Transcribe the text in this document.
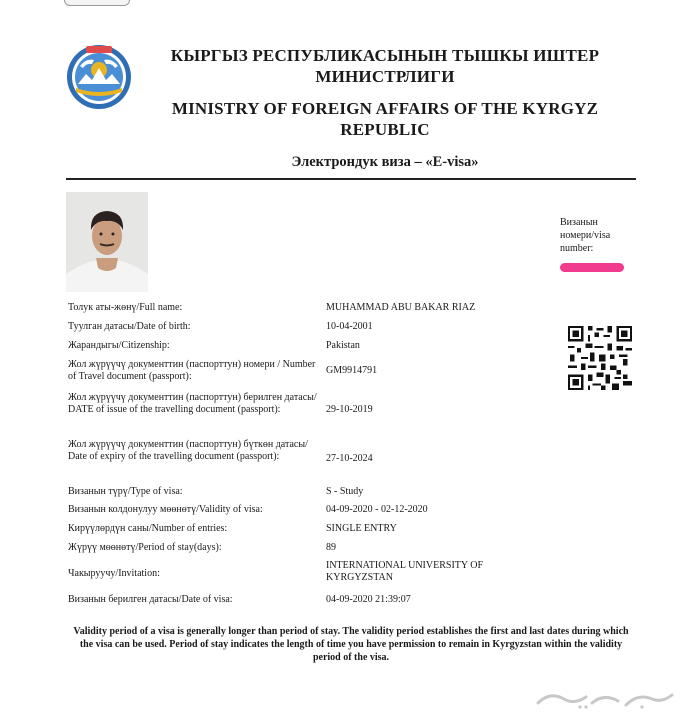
КЫРГЫЗ РЕСПУБЛИКАСЫНЫН ТЫШКЫ ИШТЕР МИНИСТРЛИГИ
MINISTRY OF FOREIGN AFFAIRS OF THE KYRGYZ REPUBLIC
Электрондук виза – «E-visa»
Визанын номери/visa number:
Толук аты-жөнү/Full name:	MUHAMMAD ABU BAKAR RIAZ
Туулган датасы/Date of birth:	10-04-2001
Жарандыгы/Citizenship:	Pakistan
Жол жүрүүчү документтин (паспорттун) номери / Number of Travel document (passport):
GM9914791
Жол жүрүүчү документтин (паспорттун) берилген датасы/ DATE of issue of the travelling document (passport):	29-10-2019
Жол жүрүүчү документтин (паспорттун) бүткөн датасы/ Date of expiry of the travelling document (passport):	27-10-2024
Визанын түрү/Type of visa:	S - Study
Визанын колдонулуу мөөнөтү/Validity of visa:	04-09-2020 - 02-12-2020
Кирүүлөрдүн саны/Number of entries:	SINGLE ENTRY
Жүрүү мөөнөтү/Period of stay(days):	89
Чакыруучу/Invitation:
INTERNATIONAL UNIVERSITY OF KYRGYZSTAN
Визанын берилген датасы/Date of visa:	04-09-2020 21:39:07
Validity period of a visa is generally longer than period of stay. The validity period establishes the first and last dates during which the visa can be used. Period of stay indicates the length of time you have permission to remain in Kyrgyzstan within the validity period of the visa.
